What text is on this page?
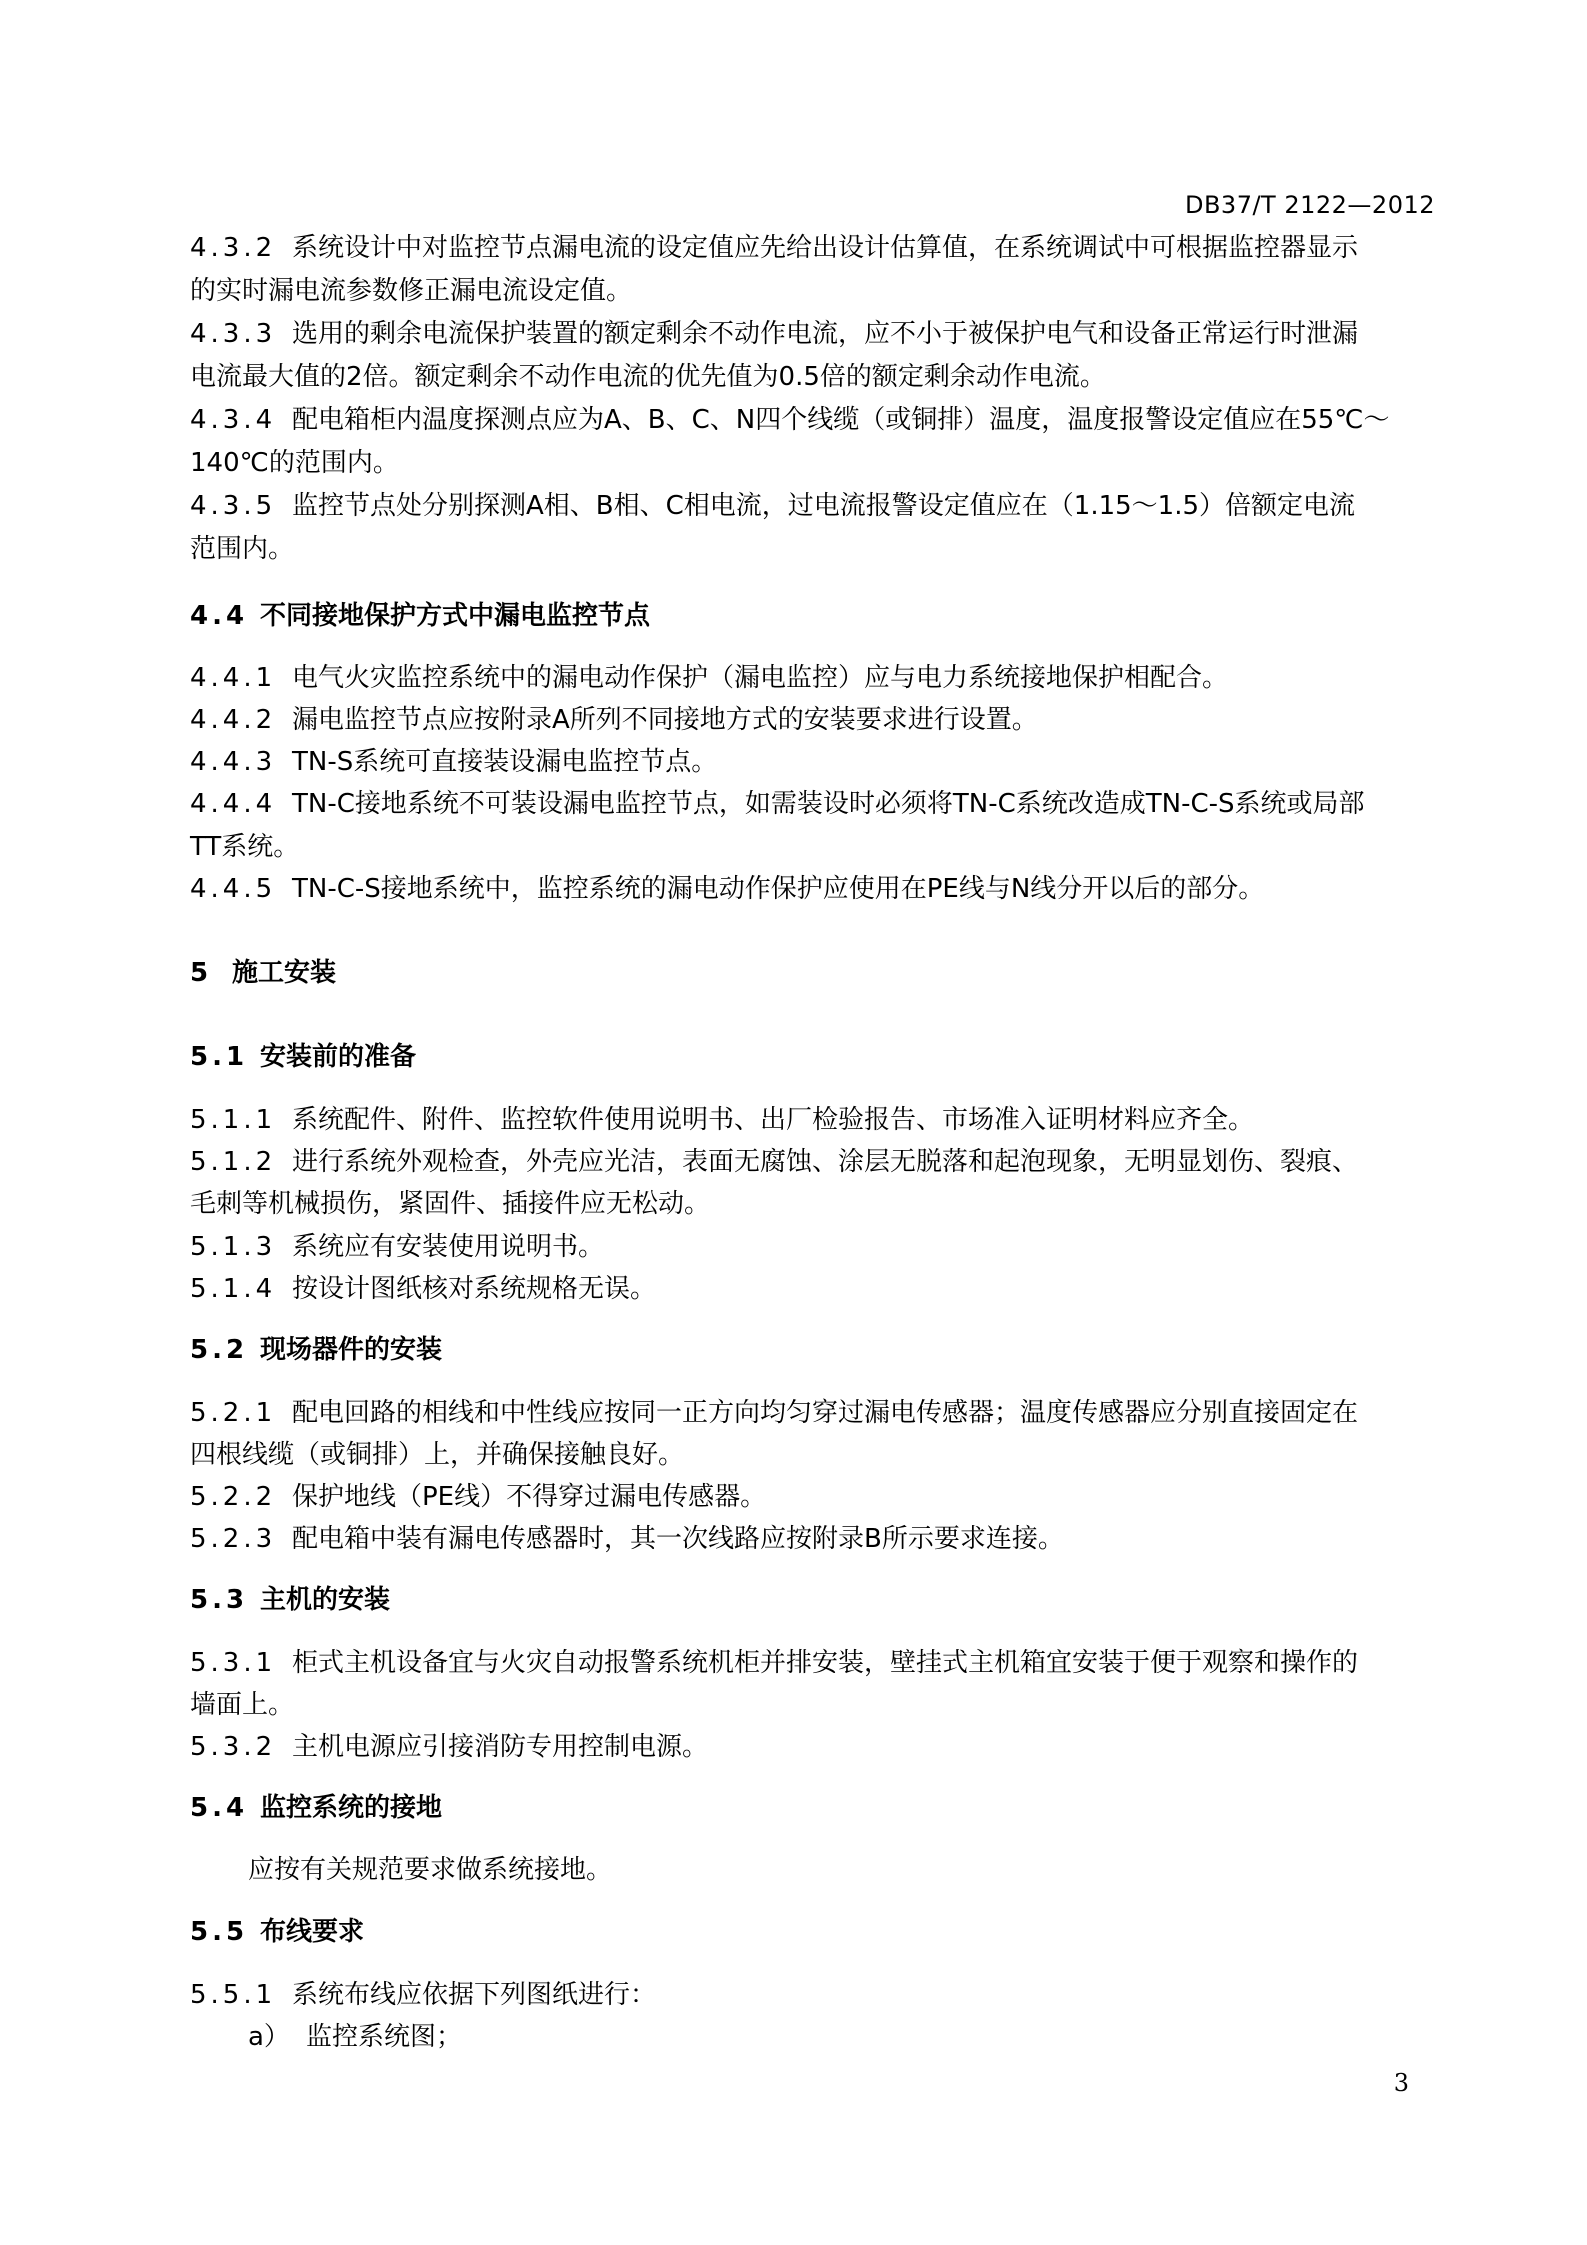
DB37/T 2122—2012
4.3.2 系统设计中对监控节点漏电流的设定值应先给出设计估算值，在系统调试中可根据监控器显示
的实时漏电流参数修正漏电流设定值。
4.3.3 选用的剩余电流保护装置的额定剩余不动作电流，应不小于被保护电气和设备正常运行时泄漏
电流最大值的2倍。额定剩余不动作电流的优先值为0.5倍的额定剩余动作电流。
4.3.4 配电箱柜内温度探测点应为A、B、C、N四个线缆（或铜排）温度，温度报警设定值应在55℃～
140℃的范围内。
4.3.5 监控节点处分别探测A相、B相、C相电流，过电流报警设定值应在（1.15～1.5）倍额定电流
范围内。
4.4 不同接地保护方式中漏电监控节点
4.4.1 电气火灾监控系统中的漏电动作保护（漏电监控）应与电力系统接地保护相配合。
4.4.2 漏电监控节点应按附录A所列不同接地方式的安装要求进行设置。
4.4.3 TN-S系统可直接装设漏电监控节点。
4.4.4 TN-C接地系统不可装设漏电监控节点，如需装设时必须将TN-C系统改造成TN-C-S系统或局部
TT系统。
4.4.5 TN-C-S接地系统中，监控系统的漏电动作保护应使用在PE线与N线分开以后的部分。
5 施工安装
5.1 安装前的准备
5.1.1 系统配件、附件、监控软件使用说明书、出厂检验报告、市场准入证明材料应齐全。
5.1.2 进行系统外观检查，外壳应光洁，表面无腐蚀、涂层无脱落和起泡现象，无明显划伤、裂痕、
毛刺等机械损伤，紧固件、插接件应无松动。
5.1.3 系统应有安装使用说明书。
5.1.4 按设计图纸核对系统规格无误。
5.2 现场器件的安装
5.2.1 配电回路的相线和中性线应按同一正方向均匀穿过漏电传感器；温度传感器应分别直接固定在
四根线缆（或铜排）上，并确保接触良好。
5.2.2 保护地线（PE线）不得穿过漏电传感器。
5.2.3 配电箱中装有漏电传感器时，其一次线路应按附录B所示要求连接。
5.3 主机的安装
5.3.1 柜式主机设备宜与火灾自动报警系统机柜并排安装，壁挂式主机箱宜安装于便于观察和操作的
墙面上。
5.3.2 主机电源应引接消防专用控制电源。
5.4 监控系统的接地
应按有关规范要求做系统接地。
5.5 布线要求
5.5.1 系统布线应依据下列图纸进行：
a） 监控系统图；
3
